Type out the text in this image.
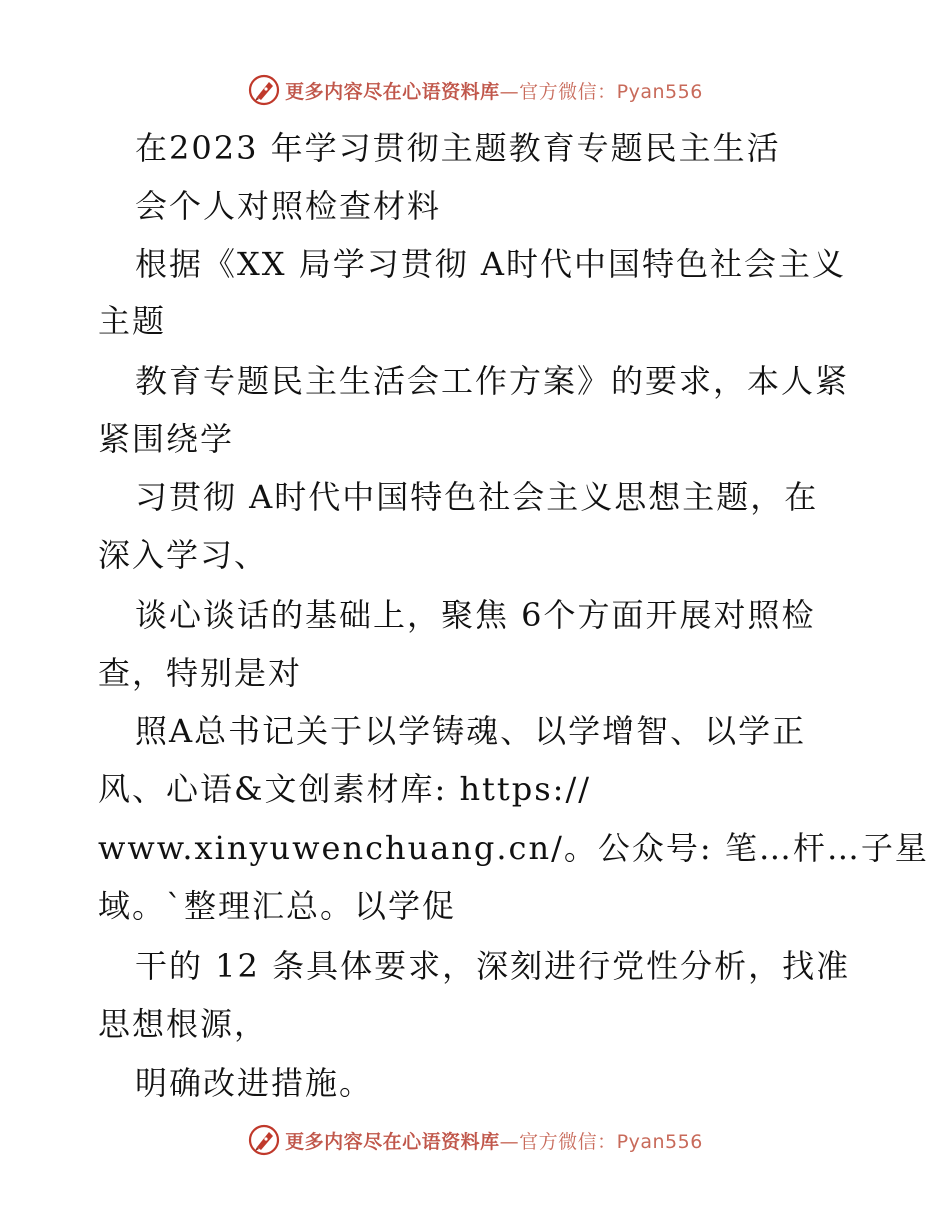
更多内容尽在心语资料库—官方微信：Pyan556
在2023 年学习贯彻主题教育专题民主生活
会个人对照检查材料
根据《XX 局学习贯彻 A时代中国特色社会主义
主题
教育专题民主生活会工作方案》的要求，本人紧
紧围绕学
习贯彻 A时代中国特色社会主义思想主题，在
深入学习、
谈心谈话的基础上，聚焦 6个方面开展对照检
查，特别是对
照A总书记关于以学铸魂、以学增智、以学正
风、心语&文创素材库: https://
www.xinyuwenchuang.cn/。公众号: 笔…杆…子星
域。`整理汇总。以学促
干的 12 条具体要求，深刻进行党性分析，找准
思想根源，
明确改进措施。
更多内容尽在心语资料库—官方微信：Pyan556
